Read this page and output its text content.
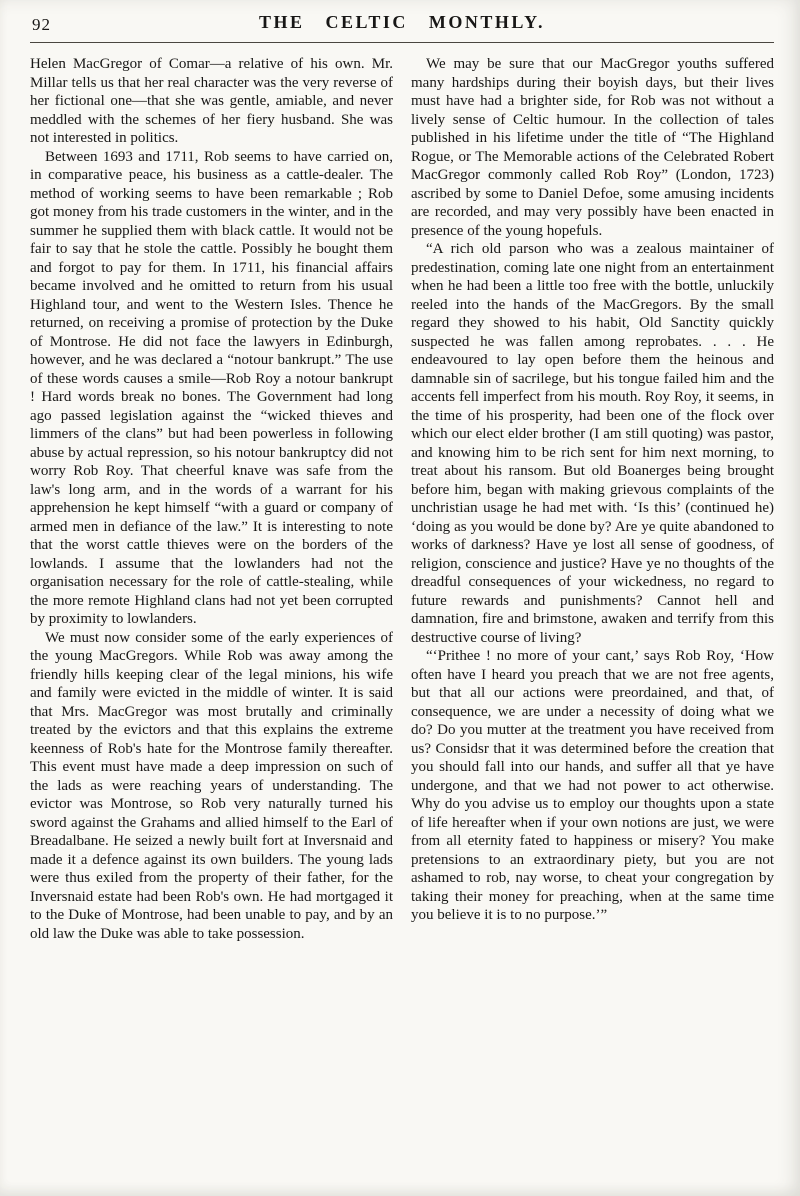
92	THE CELTIC MONTHLY.

Helen MacGregor of Comar—a relative of his own. Mr. Millar tells us that her real character was the very reverse of her fictional one—that she was gentle, amiable, and never meddled with the schemes of her fiery husband. She was not interested in politics.

Between 1693 and 1711, Rob seems to have carried on, in comparative peace, his business as a cattle-dealer. The method of working seems to have been remarkable ; Rob got money from his trade customers in the winter, and in the summer he supplied them with black cattle. It would not be fair to say that he stole the cattle. Possibly he bought them and forgot to pay for them. In 1711, his financial affairs became involved and he omitted to return from his usual Highland tour, and went to the Western Isles. Thence he returned, on receiving a promise of protection by the Duke of Montrose. He did not face the lawyers in Edinburgh, however, and he was declared a “notour bankrupt.” The use of these words causes a smile—Rob Roy a notour bankrupt ! Hard words break no bones. The Government had long ago passed legislation against the “wicked thieves and limmers of the clans” but had been powerless in following abuse by actual repression, so his notour bankruptcy did not worry Rob Roy. That cheerful knave was safe from the law's long arm, and in the words of a warrant for his apprehension he kept himself “with a guard or company of armed men in defiance of the law.” It is interesting to note that the worst cattle thieves were on the borders of the lowlands. I assume that the lowlanders had not the organisation necessary for the role of cattle-stealing, while the more remote Highland clans had not yet been corrupted by proximity to lowlanders.

We must now consider some of the early experiences of the young MacGregors. While Rob was away among the friendly hills keeping clear of the legal minions, his wife and family were evicted in the middle of winter. It is said that Mrs. MacGregor was most brutally and criminally treated by the evictors and that this explains the extreme keenness of Rob's hate for the Montrose family thereafter. This event must have made a deep impression on such of the lads as were reaching years of understanding. The evictor was Montrose, so Rob very naturally turned his sword against the Grahams and allied himself to the Earl of Breadalbane. He seized a newly built fort at Inversnaid and made it a defence against its own builders. The young lads were thus exiled from the property of their father, for the Inversnaid estate had been Rob's own. He had mortgaged it to the Duke of Montrose, had been unable to pay, and by an old law the Duke was able to take possession.

We may be sure that our MacGregor youths suffered many hardships during their boyish days, but their lives must have had a brighter side, for Rob was not without a lively sense of Celtic humour. In the collection of tales published in his lifetime under the title of “The Highland Rogue, or The Memorable actions of the Celebrated Robert MacGregor commonly called Rob Roy” (London, 1723) ascribed by some to Daniel Defoe, some amusing incidents are recorded, and may very possibly have been enacted in presence of the young hopefuls.

“A rich old parson who was a zealous maintainer of predestination, coming late one night from an entertainment when he had been a little too free with the bottle, unluckily reeled into the hands of the MacGregors. By the small regard they showed to his habit, Old Sanctity quickly suspected he was fallen among reprobates. . . . He endeavoured to lay open before them the heinous and damnable sin of sacrilege, but his tongue failed him and the accents fell imperfect from his mouth. Roy Roy, it seems, in the time of his prosperity, had been one of the flock over which our elect elder brother (I am still quoting) was pastor, and knowing him to be rich sent for him next morning, to treat about his ransom. But old Boanerges being brought before him, began with making grievous complaints of the unchristian usage he had met with. ‘Is this’ (continued he) ‘doing as you would be done by? Are ye quite abandoned to works of darkness? Have ye lost all sense of goodness, of religion, conscience and justice? Have ye no thoughts of the dreadful consequences of your wickedness, no regard to future rewards and punishments? Cannot hell and damnation, fire and brimstone, awaken and terrify from this destructive course of living?

“‘Prithee ! no more of your cant,’ says Rob Roy, ‘How often have I heard you preach that we are not free agents, but that all our actions were preordained, and that, of consequence, we are under a necessity of doing what we do? Do you mutter at the treatment you have received from us? Considsr that it was determined before the creation that you should fall into our hands, and suffer all that ye have undergone, and that we had not power to act otherwise. Why do you advise us to employ our thoughts upon a state of life hereafter when if your own notions are just, we were from all eternity fated to happiness or misery? You make pretensions to an extraordinary piety, but you are not ashamed to rob, nay worse, to cheat your congregation by taking their money for preaching, when at the same time you believe it is to no purpose.’”
